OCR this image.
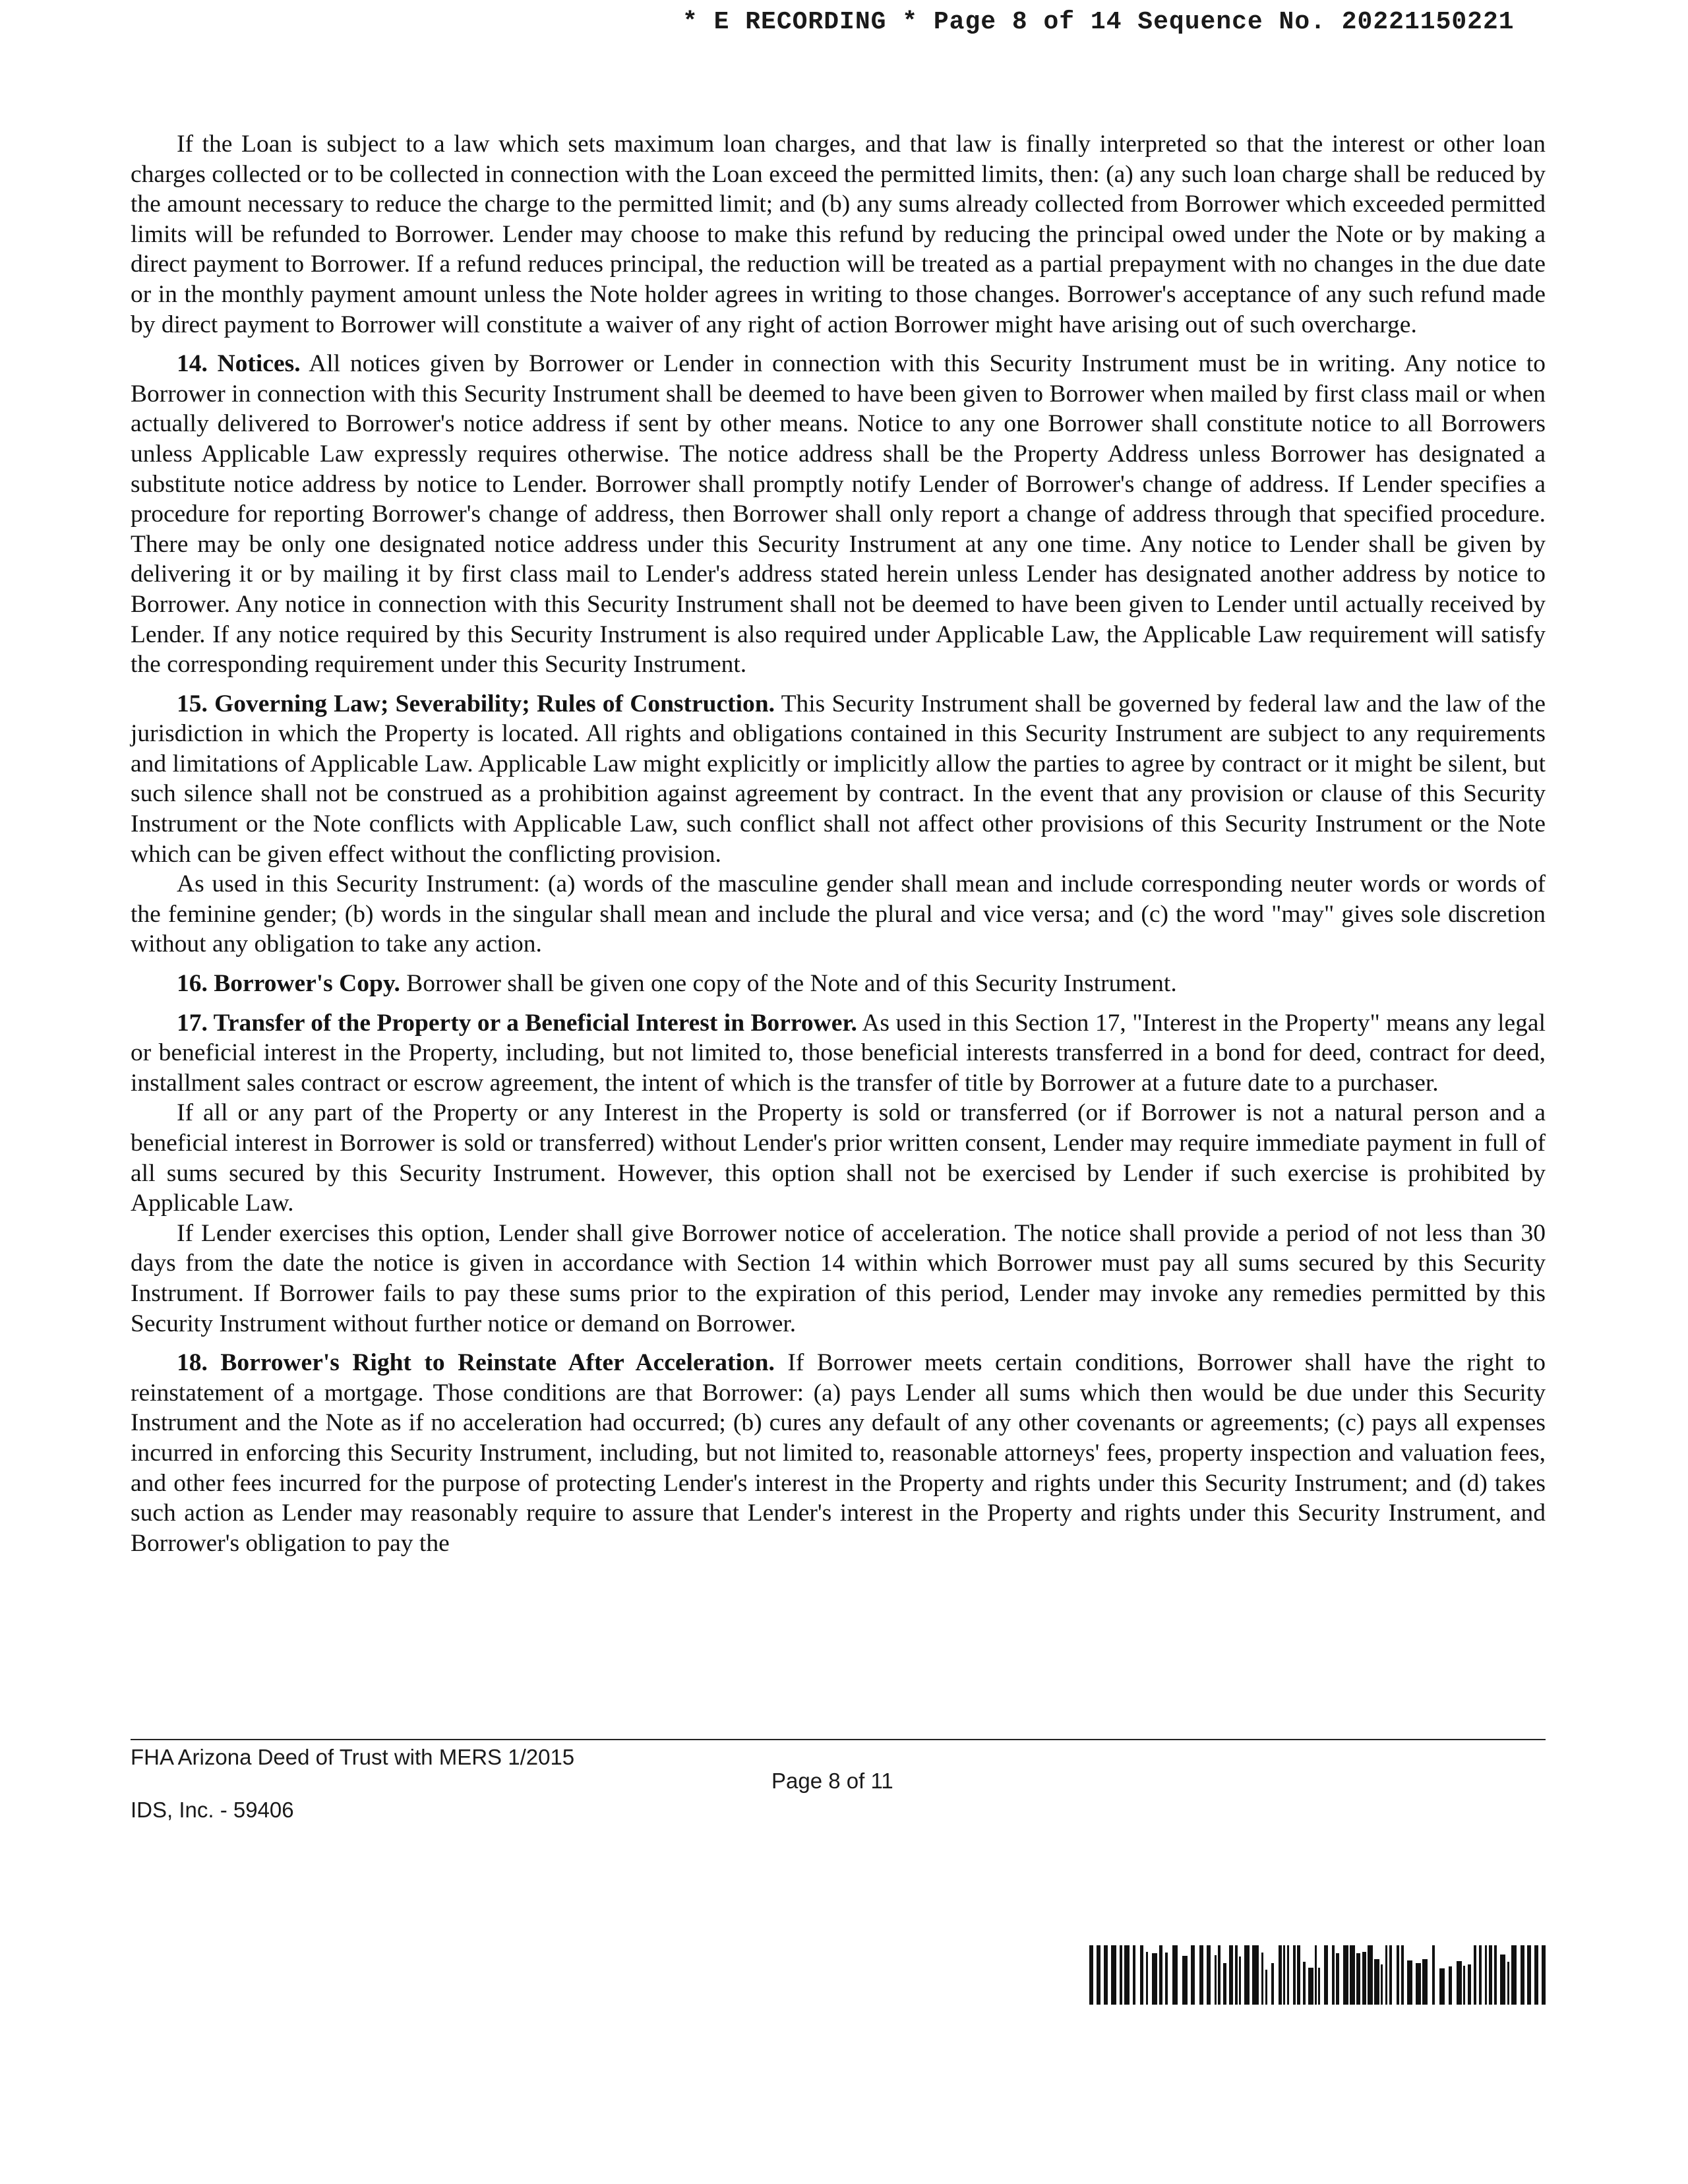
* E RECORDING * Page 8 of 14 Sequence No. 20221150221

If the Loan is subject to a law which sets maximum loan charges, and that law is finally interpreted so that the interest or other loan charges collected or to be collected in connection with the Loan exceed the permitted limits, then: (a) any such loan charge shall be reduced by the amount necessary to reduce the charge to the permitted limit; and (b) any sums already collected from Borrower which exceeded permitted limits will be refunded to Borrower. Lender may choose to make this refund by reducing the principal owed under the Note or by making a direct payment to Borrower. If a refund reduces principal, the reduction will be treated as a partial prepayment with no changes in the due date or in the monthly payment amount unless the Note holder agrees in writing to those changes. Borrower's acceptance of any such refund made by direct payment to Borrower will constitute a waiver of any right of action Borrower might have arising out of such overcharge.

14. Notices. All notices given by Borrower or Lender in connection with this Security Instrument must be in writing. Any notice to Borrower in connection with this Security Instrument shall be deemed to have been given to Borrower when mailed by first class mail or when actually delivered to Borrower's notice address if sent by other means. Notice to any one Borrower shall constitute notice to all Borrowers unless Applicable Law expressly requires otherwise. The notice address shall be the Property Address unless Borrower has designated a substitute notice address by notice to Lender. Borrower shall promptly notify Lender of Borrower's change of address. If Lender specifies a procedure for reporting Borrower's change of address, then Borrower shall only report a change of address through that specified procedure. There may be only one designated notice address under this Security Instrument at any one time. Any notice to Lender shall be given by delivering it or by mailing it by first class mail to Lender's address stated herein unless Lender has designated another address by notice to Borrower. Any notice in connection with this Security Instrument shall not be deemed to have been given to Lender until actually received by Lender. If any notice required by this Security Instrument is also required under Applicable Law, the Applicable Law requirement will satisfy the corresponding requirement under this Security Instrument.

15. Governing Law; Severability; Rules of Construction. This Security Instrument shall be governed by federal law and the law of the jurisdiction in which the Property is located. All rights and obligations contained in this Security Instrument are subject to any requirements and limitations of Applicable Law. Applicable Law might explicitly or implicitly allow the parties to agree by contract or it might be silent, but such silence shall not be construed as a prohibition against agreement by contract. In the event that any provision or clause of this Security Instrument or the Note conflicts with Applicable Law, such conflict shall not affect other provisions of this Security Instrument or the Note which can be given effect without the conflicting provision.

As used in this Security Instrument: (a) words of the masculine gender shall mean and include corresponding neuter words or words of the feminine gender; (b) words in the singular shall mean and include the plural and vice versa; and (c) the word "may" gives sole discretion without any obligation to take any action.

16. Borrower's Copy. Borrower shall be given one copy of the Note and of this Security Instrument.

17. Transfer of the Property or a Beneficial Interest in Borrower. As used in this Section 17, "Interest in the Property" means any legal or beneficial interest in the Property, including, but not limited to, those beneficial interests transferred in a bond for deed, contract for deed, installment sales contract or escrow agreement, the intent of which is the transfer of title by Borrower at a future date to a purchaser.

If all or any part of the Property or any Interest in the Property is sold or transferred (or if Borrower is not a natural person and a beneficial interest in Borrower is sold or transferred) without Lender's prior written consent, Lender may require immediate payment in full of all sums secured by this Security Instrument. However, this option shall not be exercised by Lender if such exercise is prohibited by Applicable Law.

If Lender exercises this option, Lender shall give Borrower notice of acceleration. The notice shall provide a period of not less than 30 days from the date the notice is given in accordance with Section 14 within which Borrower must pay all sums secured by this Security Instrument. If Borrower fails to pay these sums prior to the expiration of this period, Lender may invoke any remedies permitted by this Security Instrument without further notice or demand on Borrower.

18. Borrower's Right to Reinstate After Acceleration. If Borrower meets certain conditions, Borrower shall have the right to reinstatement of a mortgage. Those conditions are that Borrower: (a) pays Lender all sums which then would be due under this Security Instrument and the Note as if no acceleration had occurred; (b) cures any default of any other covenants or agreements; (c) pays all expenses incurred in enforcing this Security Instrument, including, but not limited to, reasonable attorneys' fees, property inspection and valuation fees, and other fees incurred for the purpose of protecting Lender's interest in the Property and rights under this Security Instrument; and (d) takes such action as Lender may reasonably require to assure that Lender's interest in the Property and rights under this Security Instrument, and Borrower's obligation to pay the

FHA Arizona Deed of Trust with MERS 1/2015
Page 8 of 11
IDS, Inc. - 59406
